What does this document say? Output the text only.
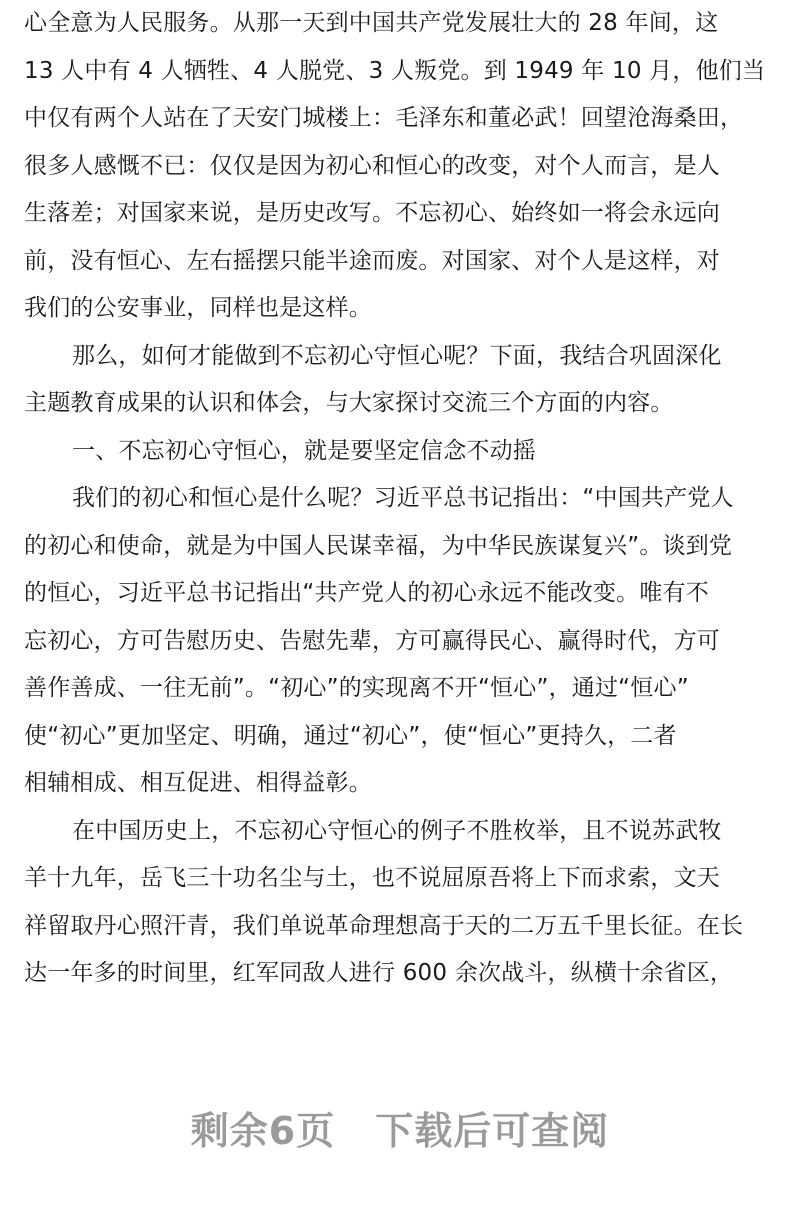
心全意为人民服务。从那一天到中国共产党发展壮大的 28 年间，这
13 人中有 4 人牺牲、4 人脱党、3 人叛党。到 1949 年 10 月，他们当
中仅有两个人站在了天安门城楼上：毛泽东和董必武！回望沧海桑田，
很多人感慨不已：仅仅是因为初心和恒心的改变，对个人而言，是人
生落差；对国家来说，是历史改写。不忘初心、始终如一将会永远向
前，没有恒心、左右摇摆只能半途而废。对国家、对个人是这样，对
我们的公安事业，同样也是这样。
那么，如何才能做到不忘初心守恒心呢？下面，我结合巩固深化
主题教育成果的认识和体会，与大家探讨交流三个方面的内容。
一、不忘初心守恒心，就是要坚定信念不动摇
我们的初心和恒心是什么呢？习近平总书记指出：“中国共产党人
的初心和使命，就是为中国人民谋幸福，为中华民族谋复兴”。谈到党
的恒心，习近平总书记指出“共产党人的初心永远不能改变。唯有不
忘初心，方可告慰历史、告慰先辈，方可赢得民心、赢得时代，方可
善作善成、一往无前”。“初心”的实现离不开“恒心”，通过“恒心”
使“初心”更加坚定、明确，通过“初心”，使“恒心”更持久，二者
相辅相成、相互促进、相得益彰。
在中国历史上，不忘初心守恒心的例子不胜枚举，且不说苏武牧
羊十九年，岳飞三十功名尘与土，也不说屈原吾将上下而求索，文天
祥留取丹心照汗青，我们单说革命理想高于天的二万五千里长征。在长
达一年多的时间里，红军同敌人进行 600 余次战斗，纵横十余省区，
剩余6页 下载后可查阅
